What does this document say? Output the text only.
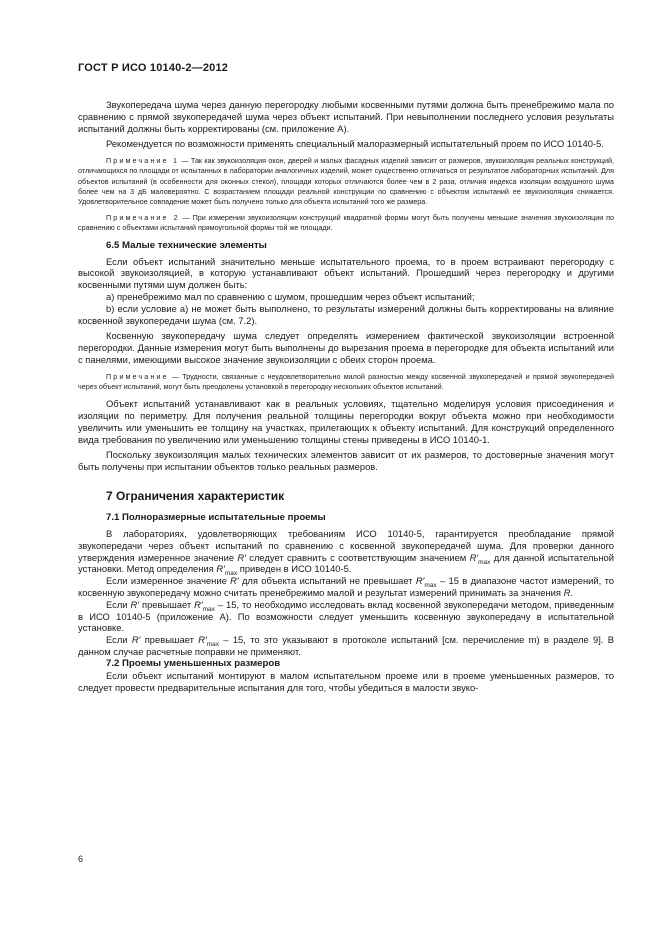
ГОСТ Р ИСО 10140-2—2012

Звукопередача шума через данную перегородку любыми косвенными путями должна быть пренебрежимо мала по сравнению с прямой звукопередачей шума через объект испытаний. При невыполнении последнего условия результаты испытаний должны быть корректированы (см. приложение А).

Рекомендуется по возможности применять специальный малоразмерный испытательный проем по ИСО 10140-5.

Примечание 1 — Так как звукоизоляция окон, дверей и малых фасадных изделий зависит от размеров, звукоизоляция реальных конструкций, отличающихся по площади от испытанных в лаборатории аналогичных изделий, может существенно отличаться от результатов лабораторных испытаний. Для объектов испытаний (в особенности для оконных стекол), площади которых отличаются более чем в 2 раза, отличия индекса изоляции воздушного шума более чем на 3 дБ маловероятно. С возрастанием площади реальной конструкции по сравнению с объектом испытаний ее звукоизоляция снижается. Удовлетворительное совпадение может быть получено только для объекта испытаний того же размера.

Примечание 2 — При измерении звукоизоляции конструкций квадратной формы могут быть получены меньшие значения звукоизоляции по сравнению с объектами испытаний прямоугольной формы той же площади.

6.5 Малые технические элементы

Если объект испытаний значительно меньше испытательного проема, то в проем встраивают перегородку с высокой звукоизоляцией, в которую устанавливают объект испытаний. Прошедший через перегородку и другими косвенными путями шум должен быть:

а) пренебрежимо мал по сравнению с шумом, прошедшим через объект испытаний;

b) если условие а) не может быть выполнено, то результаты измерений должны быть корректированы на влияние косвенной звукопередачи шума (см. 7.2).

Косвенную звукопередачу шума следует определять измерением фактической звукоизоляции встроенной перегородки. Данные измерения могут быть выполнены до вырезания проема в перегородке для объекта испытаний или с панелями, имеющими высокое значение звукоизоляции с обеих сторон проема.

Примечание — Трудности, связанные с неудовлетворительно малой разностью между косвенной звукопередачей и прямой звукопередачей через объект испытаний, могут быть преодолены установкой в перегородку нескольких объектов испытаний.

Объект испытаний устанавливают как в реальных условиях, тщательно моделируя условия присоединения и изоляции по периметру. Для получения реальной толщины перегородки вокруг объекта можно при необходимости увеличить или уменьшить ее толщину на участках, прилегающих к объекту испытаний. Для конструкций определенного вида требования по увеличению или уменьшению толщины стены приведены в ИСО 10140-1.

Поскольку звукоизоляция малых технических элементов зависит от их размеров, то достоверные значения могут быть получены при испытании объектов только реальных размеров.

7 Ограничения характеристик
7.1 Полноразмерные испытательные проемы

В лабораториях, удовлетворяющих требованиям ИСО 10140-5, гарантируется преобладание прямой звукопередачи через объект испытаний по сравнению с косвенной звукопередачей шума. Для проверки данного утверждения измеренное значение R′ следует сравнить с соответствующим значением $R'_{max}$ для данной испытательной установки. Метод определения $R'_{max}$ приведен в ИСО 10140-5.

Если измеренное значение R′ для объекта испытаний не превышает $R'_{max} - 15$ в диапазоне частот измерений, то косвенную звукопередачу можно считать пренебрежимо малой и результат измерений принимать за значения R.

Если R' превышает $R'_{max} - 15$, то необходимо исследовать вклад косвенной звукопередачи методом, приведенным в ИСО 10140-5 (приложение А). По возможности следует уменьшить косвенную звукопередачу в испытательной установке.

Если R′ превышает $R'_{max} - 15$, то это указывают в протоколе испытаний [см. перечисление m) в разделе 9]. В данном случае расчетные поправки не применяют.

7.2 Проемы уменьшенных размеров

Если объект испытаний монтируют в малом испытательном проеме или в проеме уменьшенных размеров, то следует провести предварительные испытания для того, чтобы убедиться в малости звуко-

6
